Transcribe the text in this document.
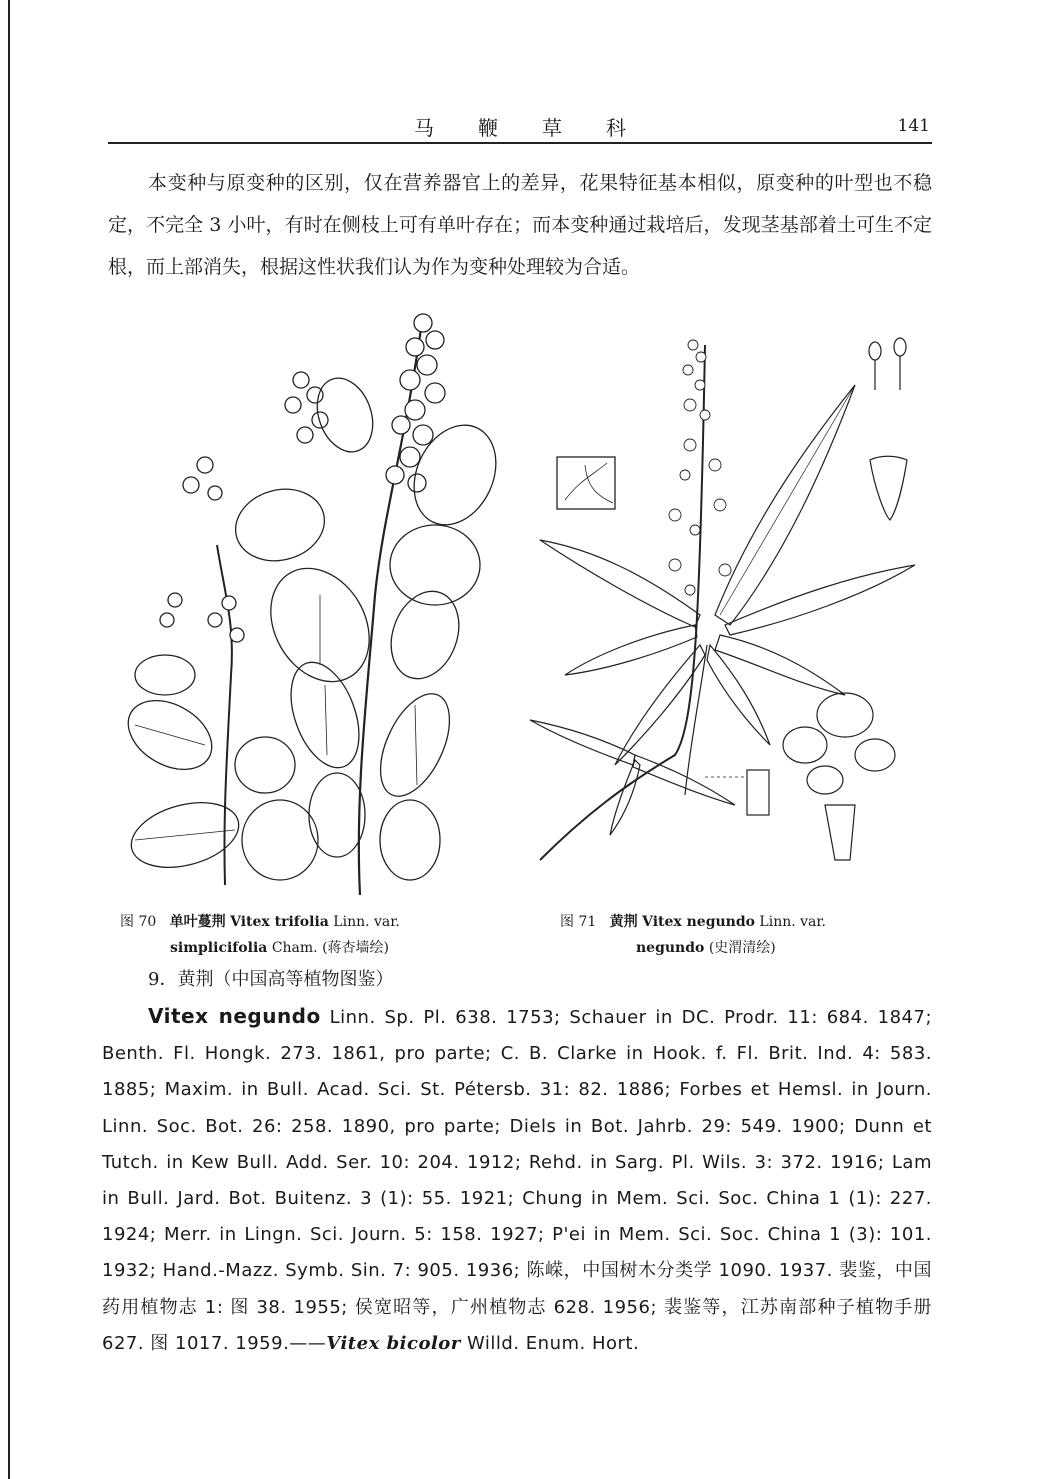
马鞭草科	141
本变种与原变种的区别，仅在营养器官上的差异，花果特征基本相似，原变种的叶型也不稳定，不完全 3 小叶，有时在侧枝上可有单叶存在；而本变种通过栽培后，发现茎基部着土可生不定根，而上部消失，根据这性状我们认为作为变种处理较为合适。
图 70 单叶蔓荆 Vitex trifolia Linn. var.
simplicifolia Cham. (蒋杏墙绘)
图 71 黄荆 Vitex negundo Linn. var.
negundo (史渭清绘)
9．黄荆（中国高等植物图鉴）
Vitex negundo Linn. Sp. Pl. 638. 1753; Schauer in DC. Prodr. 11: 684. 1847; Benth. Fl. Hongk. 273. 1861, pro parte; C. B. Clarke in Hook. f. Fl. Brit. Ind. 4: 583. 1885; Maxim. in Bull. Acad. Sci. St. Pétersb. 31: 82. 1886; Forbes et Hemsl. in Journ. Linn. Soc. Bot. 26: 258. 1890, pro parte; Diels in Bot. Jahrb. 29: 549. 1900; Dunn et Tutch. in Kew Bull. Add. Ser. 10: 204. 1912; Rehd. in Sarg. Pl. Wils. 3: 372. 1916; Lam in Bull. Jard. Bot. Buitenz. 3 (1): 55. 1921; Chung in Mem. Sci. Soc. China 1 (1): 227. 1924; Merr. in Lingn. Sci. Journ. 5: 158. 1927; P'ei in Mem. Sci. Soc. China 1 (3): 101. 1932; Hand.-Mazz. Symb. Sin. 7: 905. 1936; 陈嵘，中国树木分类学 1090. 1937. 裴鉴，中国药用植物志 1: 图 38. 1955; 侯宽昭等，广州植物志 628. 1956; 裴鉴等，江苏南部种子植物手册 627. 图 1017. 1959.——Vitex bicolor Willd. Enum. Hort.
